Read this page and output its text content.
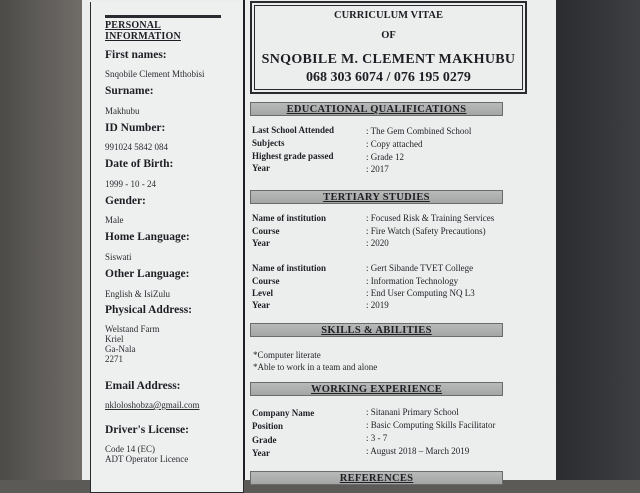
PERSONAL
INFORMATION
First names:
Snqobile Clement Mthobisi
Surname:
Makhubu
ID Number:
991024 5842 084
Date of Birth:
1999 - 10 - 24
Gender:
Male
Home Language:
Siswati
Other Language:
English & IsiZulu
Physical Address:
Welstand Farm
Kriel
Ga-Nala
2271
Email Address:
nkloloshobza@gmail.com
Driver's License:
Code 14 (EC)
ADT Operator Licence
CURRICULUM VITAE
OF
SNQOBILE M. CLEMENT MAKHUBU
068 303 6074 / 076 195 0279
EDUCATIONAL QUALIFICATIONS
Last School Attended	: The Gem Combined School
Subjects	: Copy attached
Highest grade passed	: Grade 12
Year	: 2017
TERTIARY STUDIES
Name of institution	: Focused Risk & Training Services
Course	: Fire Watch (Safety Precautions)
Year	: 2020
Name of institution	: Gert Sibande TVET College
Course	: Information Technology
Level	: End User Computing NQ L3
Year	: 2019
SKILLS & ABILITIES
*Computer literate
*Able to work in a team and alone
WORKING EXPERIENCE
Company Name	: Sitanani Primary School
Position	: Basic Computing Skills Facilitator
Grade	: 3 - 7
Year	: August 2018 – March 2019
REFERENCES
